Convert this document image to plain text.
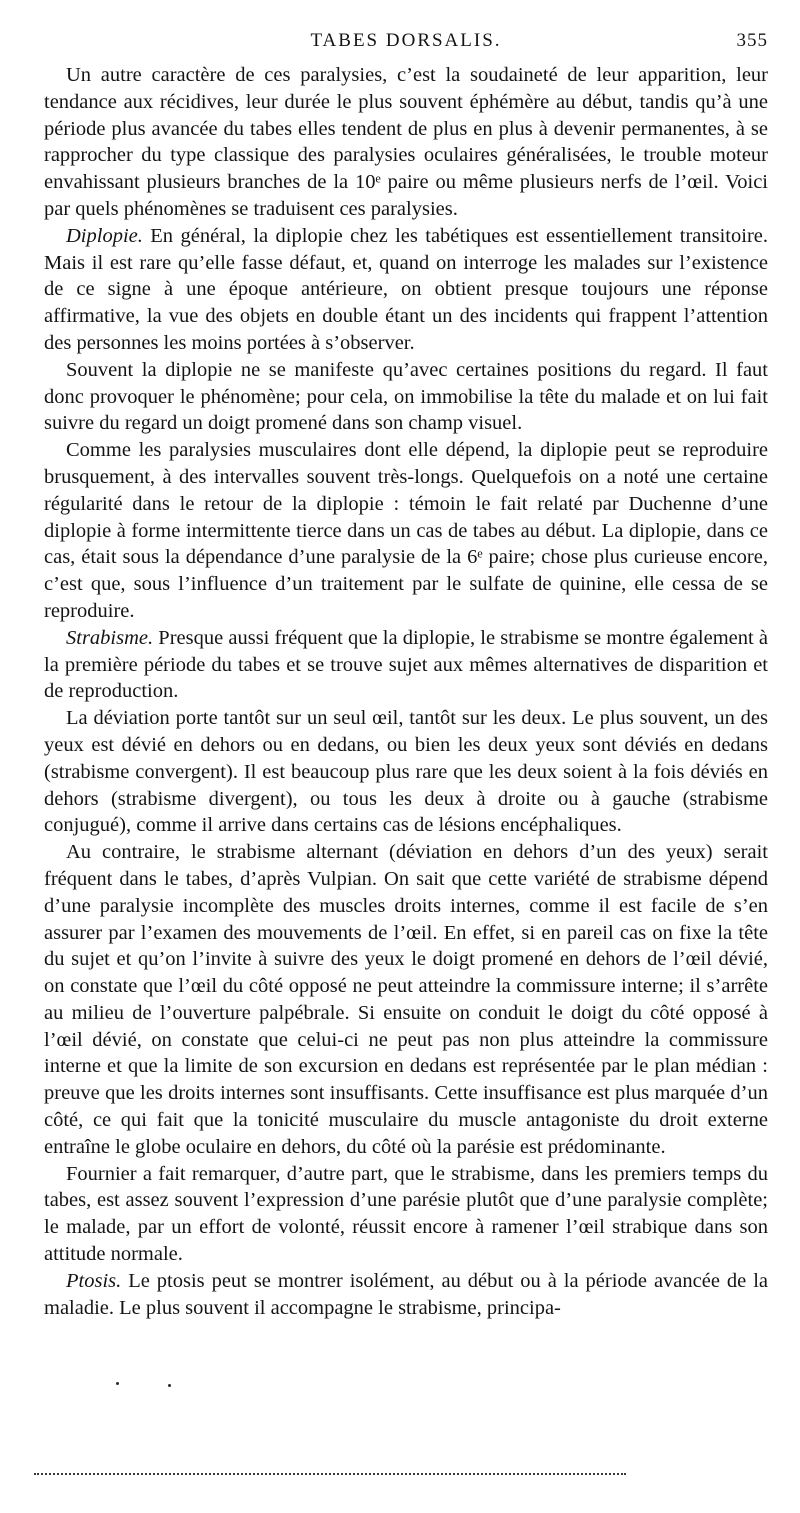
TABES DORSALIS.	355

Un autre caractère de ces paralysies, c’est la soudaineté de leur apparition, leur tendance aux récidives, leur durée le plus souvent éphémère au début, tandis qu’à une période plus avancée du tabes elles tendent de plus en plus à devenir permanentes, à se rapprocher du type classique des paralysies oculaires généralisées, le trouble moteur envahissant plusieurs branches de la 10ᵉ paire ou même plusieurs nerfs de l’œil. Voici par quels phénomènes se traduisent ces paralysies.

Diplopie. En général, la diplopie chez les tabétiques est essentiellement transitoire. Mais il est rare qu’elle fasse défaut, et, quand on interroge les malades sur l’existence de ce signe à une époque antérieure, on obtient presque toujours une réponse affirmative, la vue des objets en double étant un des incidents qui frappent l’attention des personnes les moins portées à s’observer.

Souvent la diplopie ne se manifeste qu’avec certaines positions du regard. Il faut donc provoquer le phénomène; pour cela, on immobilise la tête du malade et on lui fait suivre du regard un doigt promené dans son champ visuel.

Comme les paralysies musculaires dont elle dépend, la diplopie peut se reproduire brusquement, à des intervalles souvent très-longs. Quelquefois on a noté une certaine régularité dans le retour de la diplopie : témoin le fait relaté par Duchenne d’une diplopie à forme intermittente tierce dans un cas de tabes au début. La diplopie, dans ce cas, était sous la dépendance d’une paralysie de la 6ᵉ paire; chose plus curieuse encore, c’est que, sous l’influence d’un traitement par le sulfate de quinine, elle cessa de se reproduire.

Strabisme. Presque aussi fréquent que la diplopie, le strabisme se montre également à la première période du tabes et se trouve sujet aux mêmes alternatives de disparition et de reproduction.

La déviation porte tantôt sur un seul œil, tantôt sur les deux. Le plus souvent, un des yeux est dévié en dehors ou en dedans, ou bien les deux yeux sont déviés en dedans (strabisme convergent). Il est beaucoup plus rare que les deux soient à la fois déviés en dehors (strabisme divergent), ou tous les deux à droite ou à gauche (strabisme conjugué), comme il arrive dans certains cas de lésions encéphaliques.

Au contraire, le strabisme alternant (déviation en dehors d’un des yeux) serait fréquent dans le tabes, d’après Vulpian. On sait que cette variété de strabisme dépend d’une paralysie incomplète des muscles droits internes, comme il est facile de s’en assurer par l’examen des mouvements de l’œil. En effet, si en pareil cas on fixe la tête du sujet et qu’on l’invite à suivre des yeux le doigt promené en dehors de l’œil dévié, on constate que l’œil du côté opposé ne peut atteindre la commissure interne; il s’arrête au milieu de l’ouverture palpébrale. Si ensuite on conduit le doigt du côté opposé à l’œil dévié, on constate que celui-ci ne peut pas non plus atteindre la commissure interne et que la limite de son excursion en dedans est représentée par le plan médian : preuve que les droits internes sont insuffisants. Cette insuffisance est plus marquée d’un côté, ce qui fait que la tonicité musculaire du muscle antagoniste du droit externe entraîne le globe oculaire en dehors, du côté où la parésie est prédominante.

Fournier a fait remarquer, d’autre part, que le strabisme, dans les premiers temps du tabes, est assez souvent l’expression d’une parésie plutôt que d’une paralysie complète; le malade, par un effort de volonté, réussit encore à ramener l’œil strabique dans son attitude normale.

Ptosis. Le ptosis peut se montrer isolément, au début ou à la période avancée de la maladie. Le plus souvent il accompagne le strabisme, principa-
